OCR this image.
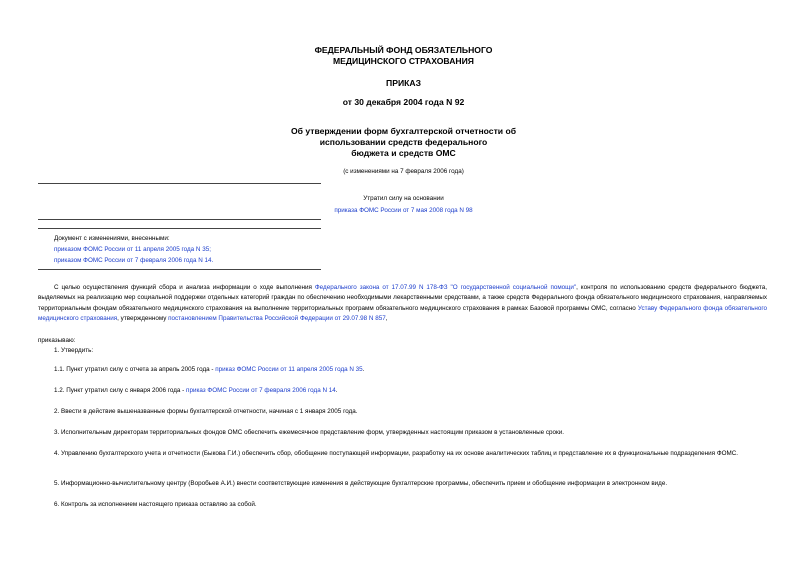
ФЕДЕРАЛЬНЫЙ ФОНД ОБЯЗАТЕЛЬНОГО
МЕДИЦИНСКОГО СТРАХОВАНИЯ
ПРИКАЗ
от 30 декабря 2004 года N 92
Об утверждении форм бухгалтерской отчетности об
использовании средств федерального
бюджета и средств ОМС
(с изменениями на 7 февраля 2006 года)
Утратил силу на основании
приказа ФОМС России от 7 мая 2008 года N 98
Документ с изменениями, внесенными:
приказом ФОМС России от 11 апреля 2005 года N 35;
приказом ФОМС России от 7 февраля 2006 года N 14.
С целью осуществления функций сбора и анализа информации о ходе выполнения Федерального закона от 17.07.99 N 178-ФЗ "О государственной социальной помощи", контроля по использованию средств федерального бюджета, выделяемых на реализацию мер социальной поддержки отдельных категорий граждан по обеспечению необходимыми лекарственными средствами, а также средств Федерального фонда обязательного медицинского страхования, направляемых территориальным фондам обязательного медицинского страхования на выполнение территориальных программ обязательного медицинского страхования в рамках Базовой программы ОМС, согласно Уставу Федерального фонда обязательного медицинского страхования, утвержденному постановлением Правительства Российской Федерации от 29.07.98 N 857,
приказываю:
1. Утвердить:
1.1. Пункт утратил силу с отчета за апрель 2005 года - приказ ФОМС России от 11 апреля 2005 года N 35.
1.2. Пункт утратил силу с января 2006 года - приказ ФОМС России от 7 февраля 2006 года N 14.
2. Ввести в действие вышеназванные формы бухгалтерской отчетности, начиная с 1 января 2005 года.
3. Исполнительным директорам территориальных фондов ОМС обеспечить ежемесячное представление форм, утвержденных настоящим приказом в установленные сроки.
4. Управлению бухгалтерского учета и отчетности (Быкова Г.И.) обеспечить сбор, обобщение поступающей информации, разработку на их основе аналитических таблиц и представление их в функциональные подразделения ФОМС.
5. Информационно-вычислительному центру (Воробьев А.И.) внести соответствующие изменения в действующие бухгалтерские программы, обеспечить прием и обобщение информации в электронном виде.
6. Контроль за исполнением настоящего приказа оставляю за собой.
